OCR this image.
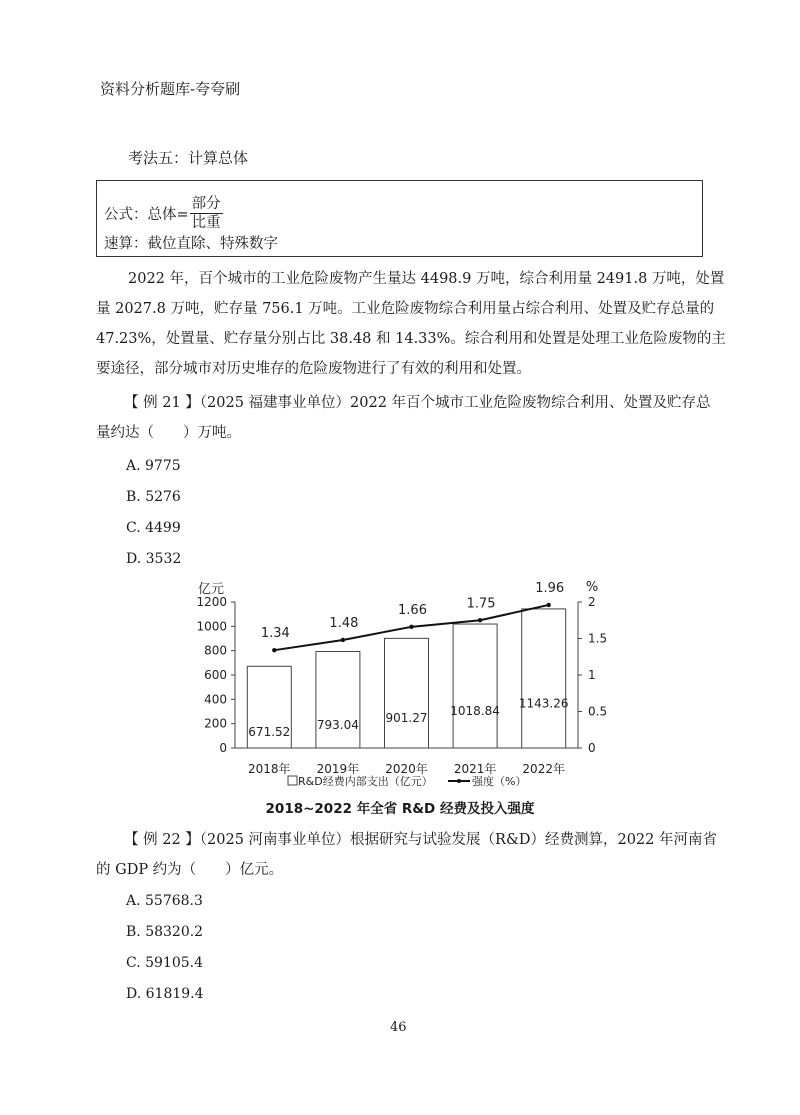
资料分析题库-夸夸刷
考法五：计算总体
公式：总体= $\frac{\text{部分}}{\text{比重}}$
速算：截位直除、特殊数字
2022 年，百个城市的工业危险废物产生量达 4498.9 万吨，综合利用量 2491.8 万吨，处置
量 2027.8 万吨，贮存量 756.1 万吨。工业危险废物综合利用量占综合利用、处置及贮存总量的
47.23%，处置量、贮存量分别占比 38.48 和 14.33%。综合利用和处置是处理工业危险废物的主
要途径，部分城市对历史堆存的危险废物进行了有效的利用和处置。
【 例 21 】（2025 福建事业单位）2022 年百个城市工业危险废物综合利用、处置及贮存总
量约达（　　）万吨。
A. 9775
B. 5276
C. 4499
D. 3532
0
200
400
600
800
1000
1200
0
0.5
1
1.5
2
亿元	%
671.52
2018年
793.04
2019年
901.27
2020年
1018.84
2021年
1143.26
2022年
1.34
1.48
1.66	1.75
1.96
R&D经费内部支出（亿元）	强度（%）
2018~2022 年全省 R&D 经费及投入强度
【 例 22 】（2025 河南事业单位）根据研究与试验发展（R&D）经费测算，2022 年河南省
的 GDP 约为（　　）亿元。
A. 55768.3
B. 58320.2
C. 59105.4
D. 61819.4
46
